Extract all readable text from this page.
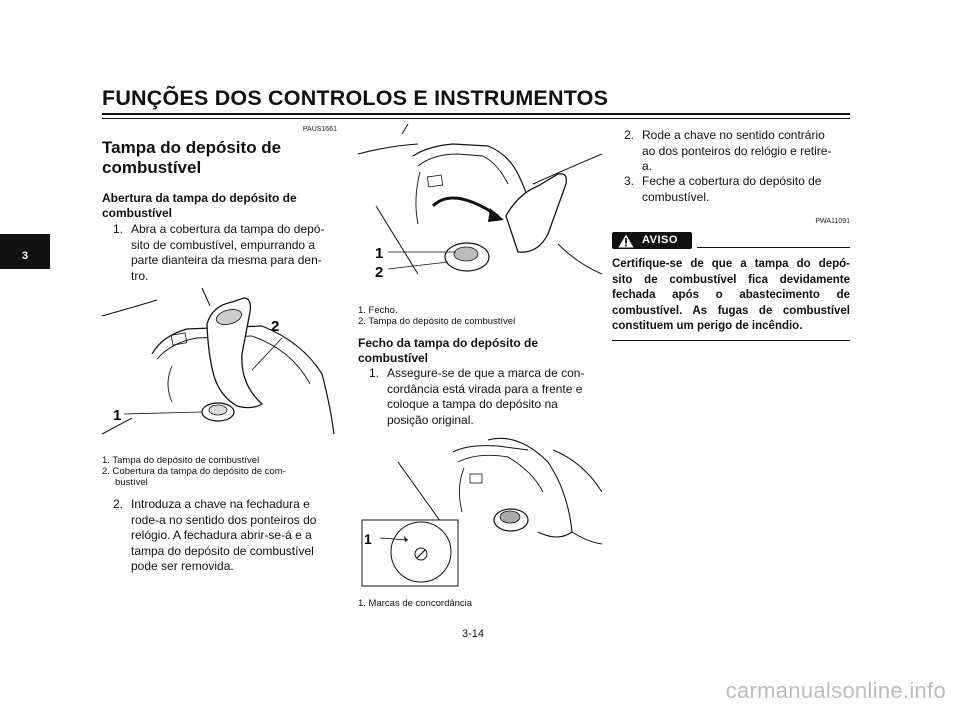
FUNÇÕES DOS CONTROLOS E INSTRUMENTOS
3
PAUS1661
Tampa do depósito de
combustível
Abertura da tampa do depósito de
combustível
1. Abra a cobertura da tampa do depó-
sito de combustível, empurrando a
parte dianteira da mesma para den-
tro.
1
2
1. Tampa do depósito de combustível
2. Cobertura da tampa do depósito de com-
bustível
2. Introduza a chave na fechadura e
rode-a no sentido dos ponteiros do
relógio. A fechadura abrir-se-á e a
tampa do depósito de combustível
pode ser removida.
1
2
1. Fecho.
2. Tampa do depósito de combustível
Fecho da tampa do depósito de
combustível
1. Assegure-se de que a marca de con-
cordância está virada para a frente e
coloque a tampa do depósito na
posição original.
1
1. Marcas de concordância
2. Rode a chave no sentido contrário
ao dos ponteiros do relógio e retire-
a.
3. Feche a cobertura do depósito de
combustível.
PWA11091
AVISO
Certifique-se de que a tampa do depó-
sito de combustível fica devidamente
fechada após o abastecimento de
combustível. As fugas de combustível
constituem um perigo de incêndio.
3-14
carmanualsonline.info
